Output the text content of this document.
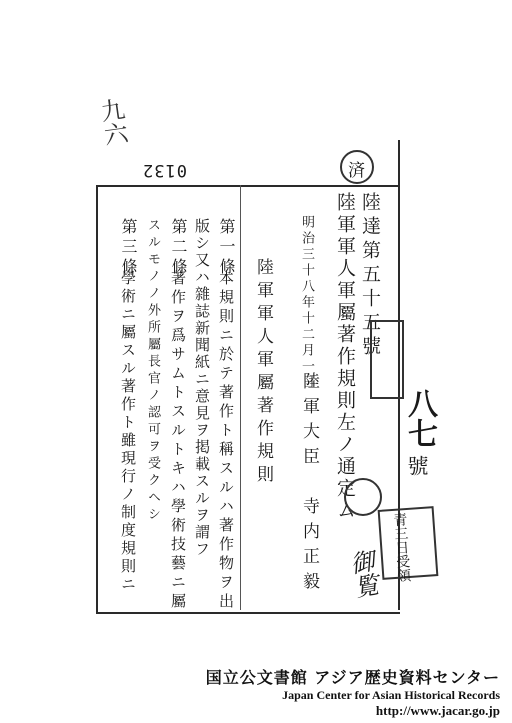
九六
0132	済
陸達第五十五號
陸軍軍人軍屬著作規則左ノ通定ム
明治三十八年十二月一日
陸軍大臣　寺内正毅
陸軍軍人軍屬著作規則
第一條
本規則ニ於テ著作ト稱スルハ著作物ヲ出
版シ又ハ雜誌新聞紙ニ意見ヲ掲載スルヲ謂フ
第二條
著作ヲ爲サムトスルトキハ學術技藝ニ屬
スルモノノ外所屬長官ノ認可ヲ受クヘシ
第三條
學術ニ屬スル著作ト雖現行ノ制度規則ニ	八七
號
青三日受領
御覧
国立公文書館 アジア歴史資料センター
Japan Center for Asian Historical Records
http://www.jacar.go.jp
